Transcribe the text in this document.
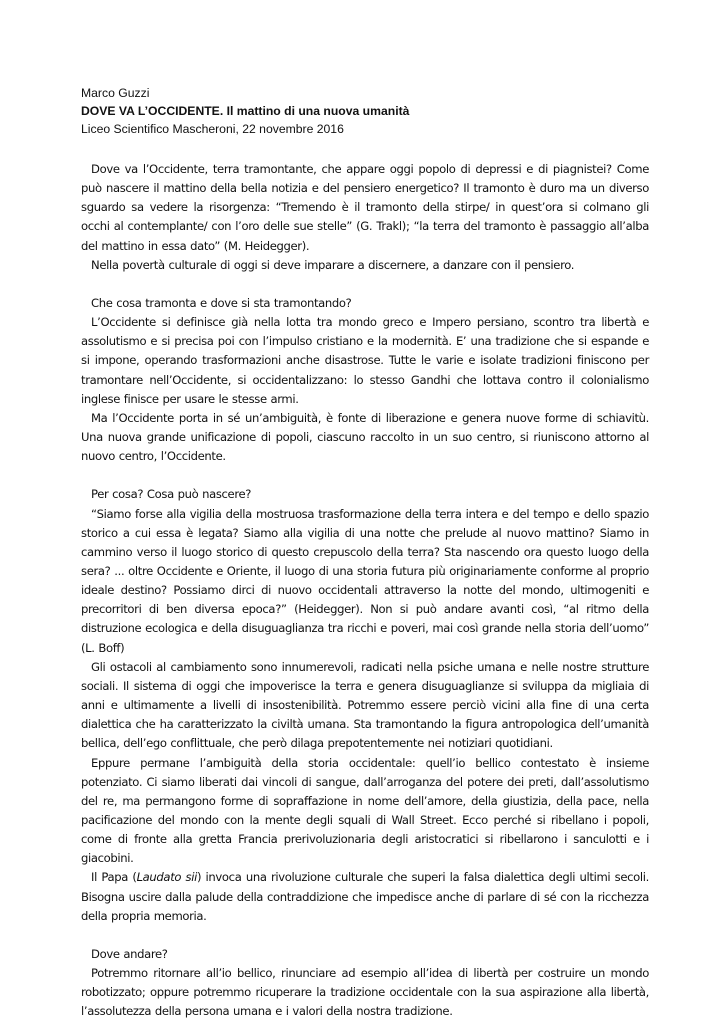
Marco Guzzi
DOVE VA L’OCCIDENTE. Il mattino di una nuova umanità
Liceo Scientifico Mascheroni, 22 novembre 2016

Dove va l’Occidente, terra tramontante, che appare oggi popolo di depressi e di piagnistei? Come può nascere il mattino della bella notizia e del pensiero energetico? Il tramonto è duro ma un diverso sguardo sa vedere la risorgenza: “Tremendo è il tramonto della stirpe/ in quest’ora si colmano gli occhi al contemplante/ con l’oro delle sue stelle” (G. Trakl); “la terra del tramonto è passaggio all’alba del mattino in essa dato” (M. Heidegger).

Nella povertà culturale di oggi si deve imparare a discernere, a danzare con il pensiero.

Che cosa tramonta e dove si sta tramontando?

L’Occidente si definisce già nella lotta tra mondo greco e Impero persiano, scontro tra libertà e assolutismo e si precisa poi con l’impulso cristiano e la modernità. E’ una tradizione che si espande e si impone, operando trasformazioni anche disastrose. Tutte le varie e isolate tradizioni finiscono per tramontare nell’Occidente, si occidentalizzano: lo stesso Gandhi che lottava contro il colonialismo inglese finisce per usare le stesse armi.

Ma l’Occidente porta in sé un’ambiguità, è fonte di liberazione e genera nuove forme di schiavitù. Una nuova grande unificazione di popoli, ciascuno raccolto in un suo centro, si riuniscono attorno al nuovo centro, l’Occidente.

Per cosa? Cosa può nascere?

“Siamo forse alla vigilia della mostruosa trasformazione della terra intera e del tempo e dello spazio storico a cui essa è legata? Siamo alla vigilia di una notte che prelude al nuovo mattino? Siamo in cammino verso il luogo storico di questo crepuscolo della terra? Sta nascendo ora questo luogo della sera? ... oltre Occidente e Oriente, il luogo di una storia futura più originariamente conforme al proprio ideale destino? Possiamo dirci di nuovo occidentali attraverso la notte del mondo, ultimogeniti e precorritori di ben diversa epoca?” (Heidegger). Non si può andare avanti così, “al ritmo della distruzione ecologica e della disuguaglianza tra ricchi e poveri, mai così grande nella storia dell’uomo” (L. Boff)

Gli ostacoli al cambiamento sono innumerevoli, radicati nella psiche umana e nelle nostre strutture sociali. Il sistema di oggi che impoverisce la terra e genera disuguaglianze si sviluppa da migliaia di anni e ultimamente a livelli di insostenibilità. Potremmo essere perciò vicini alla fine di una certa dialettica che ha caratterizzato la civiltà umana. Sta tramontando la figura antropologica dell’umanità bellica, dell’ego conflittuale, che però dilaga prepotentemente nei notiziari quotidiani.

Eppure permane l’ambiguità della storia occidentale: quell’io bellico contestato è insieme potenziato. Ci siamo liberati dai vincoli di sangue, dall’arroganza del potere dei preti, dall’assolutismo del re, ma permangono forme di sopraffazione in nome dell’amore, della giustizia, della pace, nella pacificazione del mondo con la mente degli squali di Wall Street. Ecco perché si ribellano i popoli, come di fronte alla gretta Francia prerivoluzionaria degli aristocratici si ribellarono i sanculotti e i giacobini.

Il Papa (Laudato sii) invoca una rivoluzione culturale che superi la falsa dialettica degli ultimi secoli. Bisogna uscire dalla palude della contraddizione che impedisce anche di parlare di sé con la ricchezza della propria memoria.

Dove andare?

Potremmo ritornare all’io bellico, rinunciare ad esempio all’idea di libertà per costruire un mondo robotizzato; oppure potremmo ricuperare la tradizione occidentale con la sua aspirazione alla libertà, l’assolutezza della persona umana e i valori della nostra tradizione.
